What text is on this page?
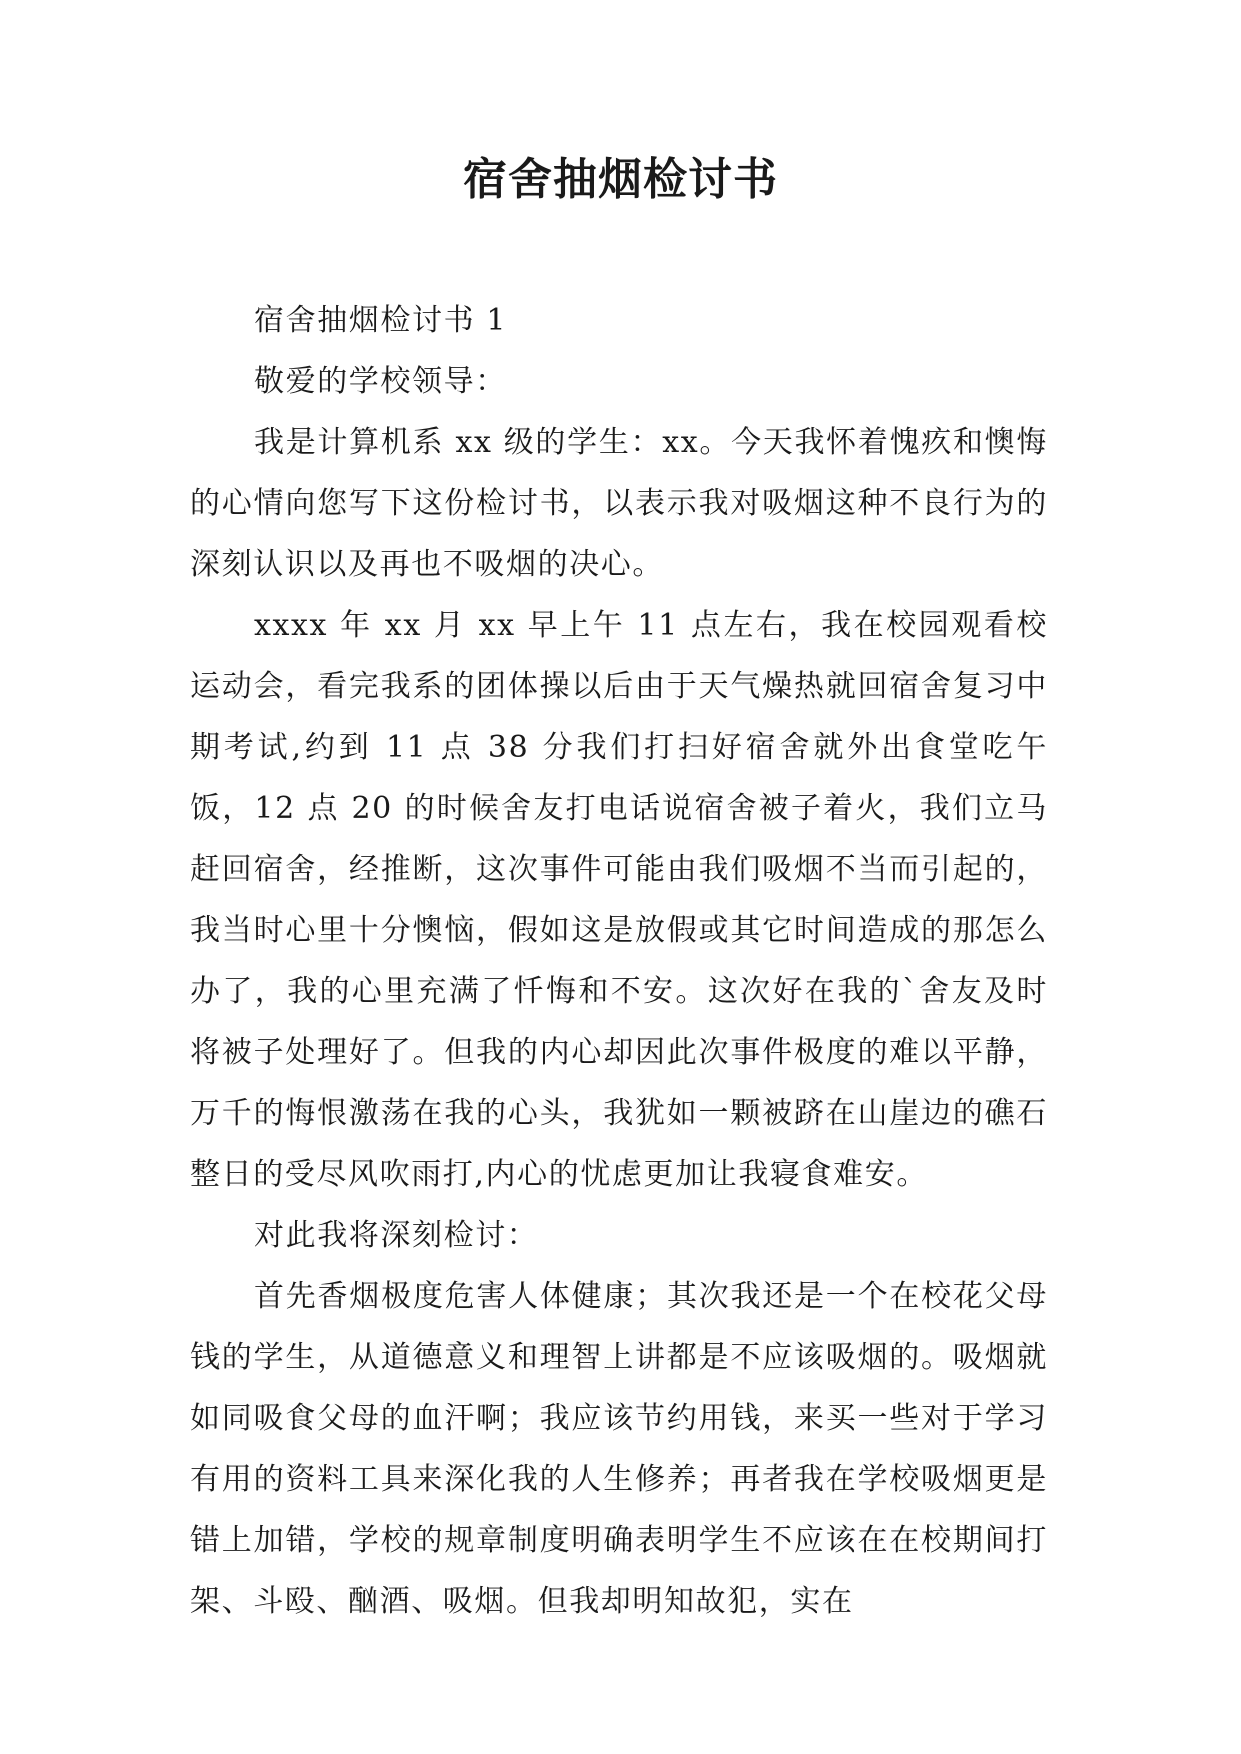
宿舍抽烟检讨书

宿舍抽烟检讨书 1

敬爱的学校领导：

我是计算机系 xx 级的学生：xx。今天我怀着愧疚和懊悔的心情向您写下这份检讨书，以表示我对吸烟这种不良行为的深刻认识以及再也不吸烟的决心。

xxxx 年 xx 月 xx 早上午 11 点左右，我在校园观看校运动会，看完我系的团体操以后由于天气燥热就回宿舍复习中期考试,约到 11 点 38 分我们打扫好宿舍就外出食堂吃午饭，12 点 20 的时候舍友打电话说宿舍被子着火，我们立马赶回宿舍，经推断，这次事件可能由我们吸烟不当而引起的，我当时心里十分懊恼，假如这是放假或其它时间造成的那怎么办了，我的心里充满了忏悔和不安。这次好在我的`舍友及时将被子处理好了。但我的内心却因此次事件极度的难以平静，万千的悔恨激荡在我的心头，我犹如一颗被跻在山崖边的礁石整日的受尽风吹雨打,内心的忧虑更加让我寝食难安。

对此我将深刻检讨：

首先香烟极度危害人体健康；其次我还是一个在校花父母钱的学生，从道德意义和理智上讲都是不应该吸烟的。吸烟就如同吸食父母的血汗啊；我应该节约用钱，来买一些对于学习有用的资料工具来深化我的人生修养；再者我在学校吸烟更是错上加错，学校的规章制度明确表明学生不应该在在校期间打架、斗殴、酗酒、吸烟。但我却明知故犯，实在
